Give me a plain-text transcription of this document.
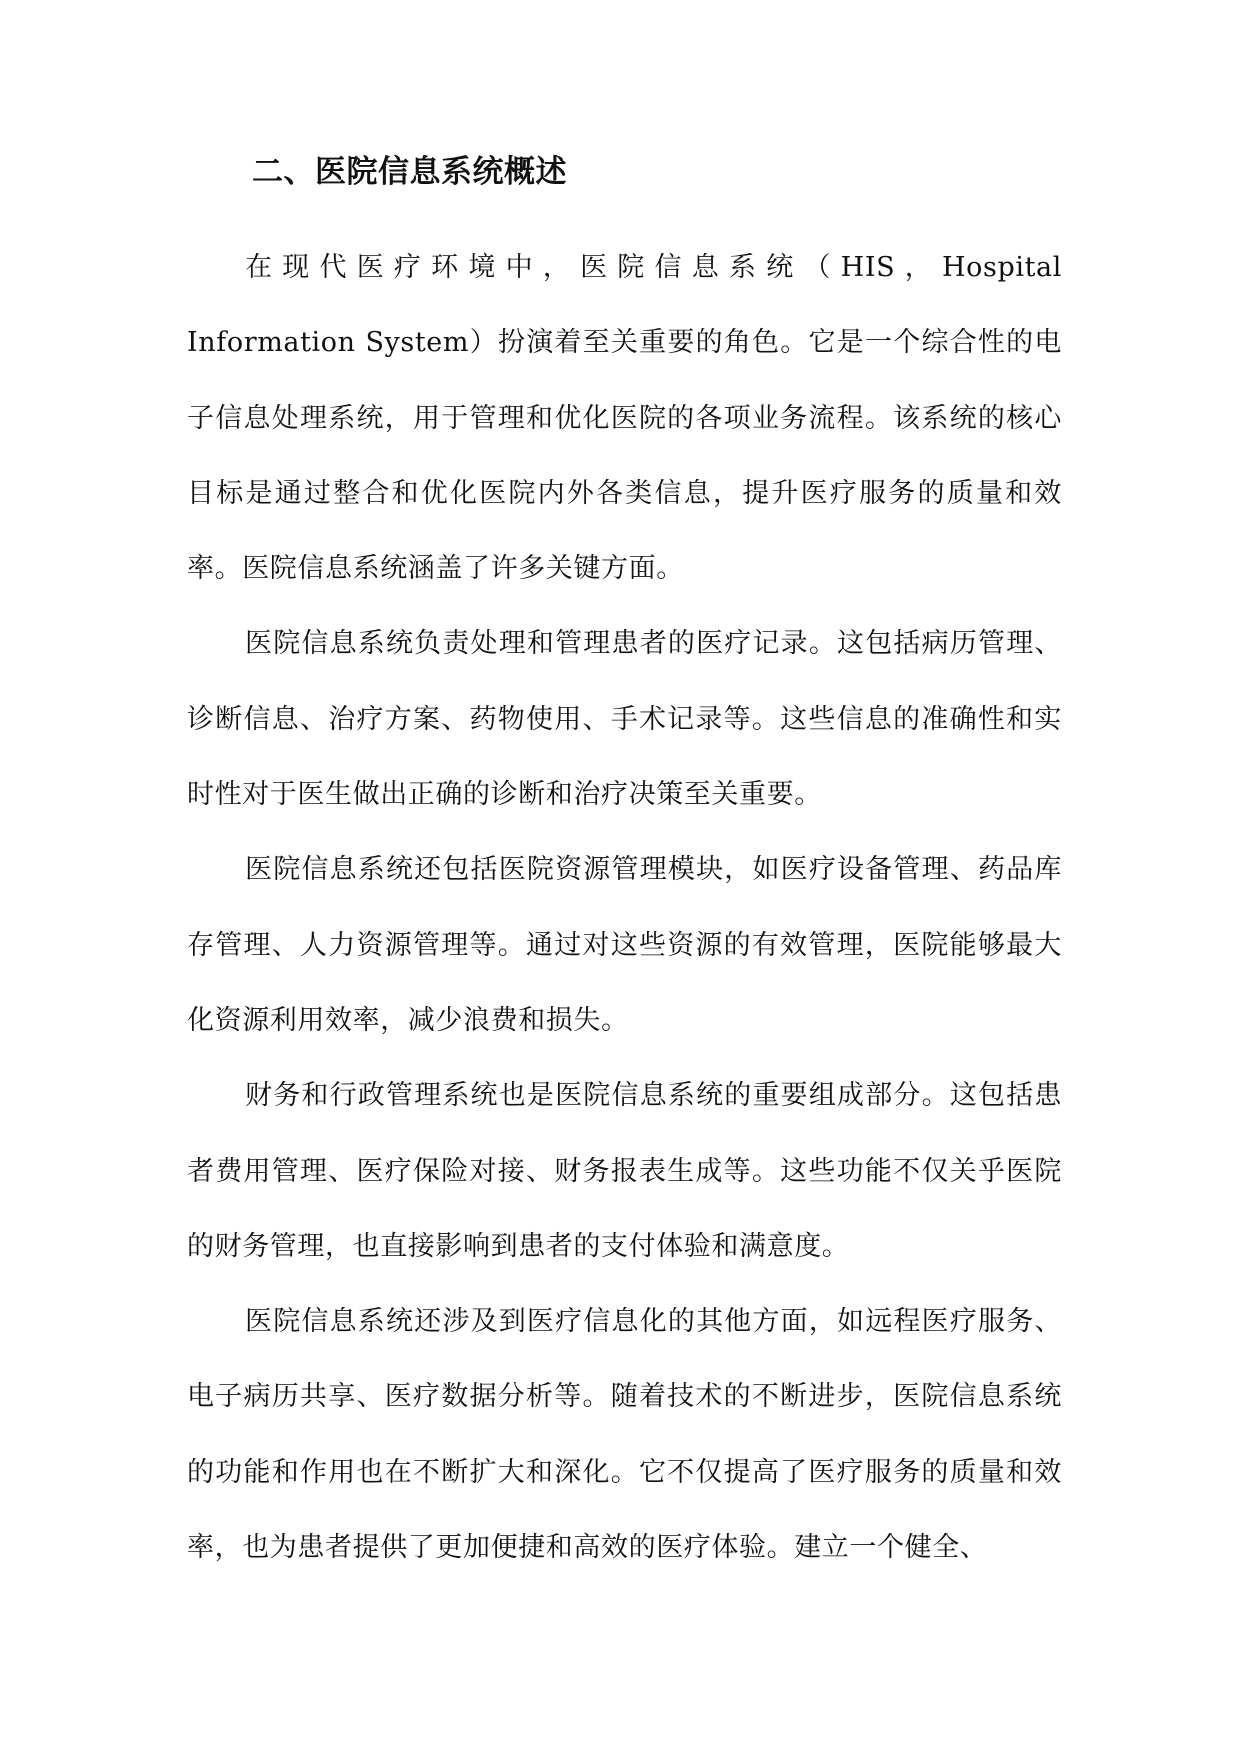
二、医院信息系统概述

在现代医疗环境中，医院信息系统（HIS，Hospital Information System）扮演着至关重要的角色。它是一个综合性的电子信息处理系统，用于管理和优化医院的各项业务流程。该系统的核心目标是通过整合和优化医院内外各类信息，提升医疗服务的质量和效率。医院信息系统涵盖了许多关键方面。

医院信息系统负责处理和管理患者的医疗记录。这包括病历管理、诊断信息、治疗方案、药物使用、手术记录等。这些信息的准确性和实时性对于医生做出正确的诊断和治疗决策至关重要。

医院信息系统还包括医院资源管理模块，如医疗设备管理、药品库存管理、人力资源管理等。通过对这些资源的有效管理，医院能够最大化资源利用效率，减少浪费和损失。

财务和行政管理系统也是医院信息系统的重要组成部分。这包括患者费用管理、医疗保险对接、财务报表生成等。这些功能不仅关乎医院的财务管理，也直接影响到患者的支付体验和满意度。

医院信息系统还涉及到医疗信息化的其他方面，如远程医疗服务、电子病历共享、医疗数据分析等。随着技术的不断进步，医院信息系统的功能和作用也在不断扩大和深化。它不仅提高了医疗服务的质量和效率，也为患者提供了更加便捷和高效的医疗体验。建立一个健全、
